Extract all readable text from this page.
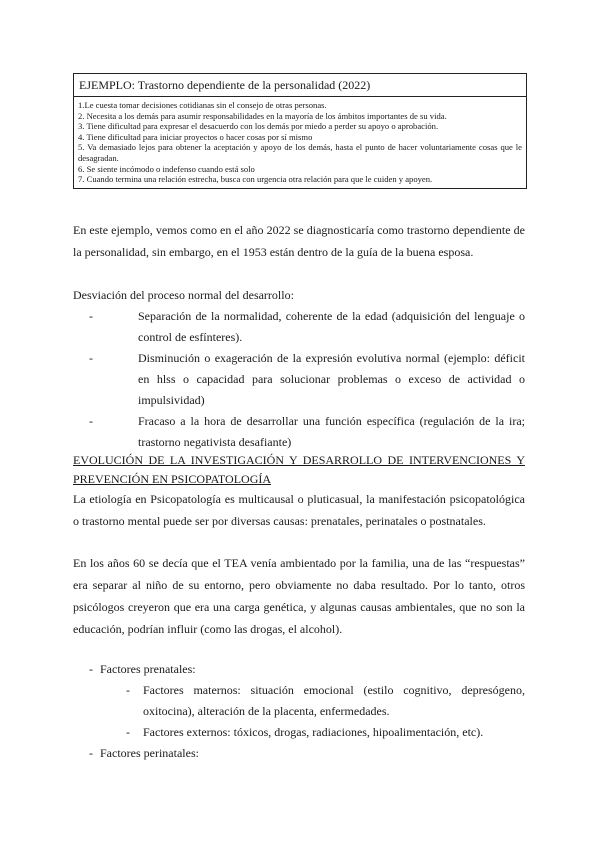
EJEMPLO: Trastorno dependiente de la personalidad (2022)
1.Le cuesta tomar decisiones cotidianas sin el consejo de otras personas.
2. Necesita a los demás para asumir responsabilidades en la mayoría de los ámbitos importantes de su vida.
3. Tiene dificultad para expresar el desacuerdo con los demás por miedo a perder su apoyo o aprobación.
4. Tiene dificultad para iniciar proyectos o hacer cosas por sí mismo
5. Va demasiado lejos para obtener la aceptación y apoyo de los demás, hasta el punto de hacer voluntariamente cosas que le desagradan.
6. Se siente incómodo o indefenso cuando está solo
7. Cuando termina una relación estrecha, busca con urgencia otra relación para que le cuiden y apoyen.
En este ejemplo, vemos como en el año 2022 se diagnosticaría como trastorno dependiente de la personalidad, sin embargo, en el 1953 están dentro de la guía de la buena esposa.
Desviación del proceso normal del desarrollo:
-	Separación de la normalidad, coherente de la edad (adquisición del lenguaje o control de esfínteres).
-	Disminución o exageración de la expresión evolutiva normal (ejemplo: déficit en hlss o capacidad para solucionar problemas o exceso de actividad o impulsividad)
-	Fracaso a la hora de desarrollar una función específica (regulación de la ira; trastorno negativista desafiante)
EVOLUCIÓN DE LA INVESTIGACIÓN Y DESARROLLO DE INTERVENCIONES Y PREVENCIÓN EN PSICOPATOLOGÍA
La etiología en Psicopatología es multicausal o pluticasual, la manifestación psicopatológica o trastorno mental puede ser por diversas causas: prenatales, perinatales o postnatales.
En los años 60 se decía que el TEA venía ambientado por la familia, una de las “respuestas” era separar al niño de su entorno, pero obviamente no daba resultado. Por lo tanto, otros psicólogos creyeron que era una carga genética, y algunas causas ambientales, que no son la educación, podrían influir (como las drogas, el alcohol).
- Factores prenatales:
- Factores maternos: situación emocional (estilo cognitivo, depresógeno, oxitocina), alteración de la placenta, enfermedades.
- Factores externos: tóxicos, drogas, radiaciones, hipoalimentación, etc).
- Factores perinatales:
